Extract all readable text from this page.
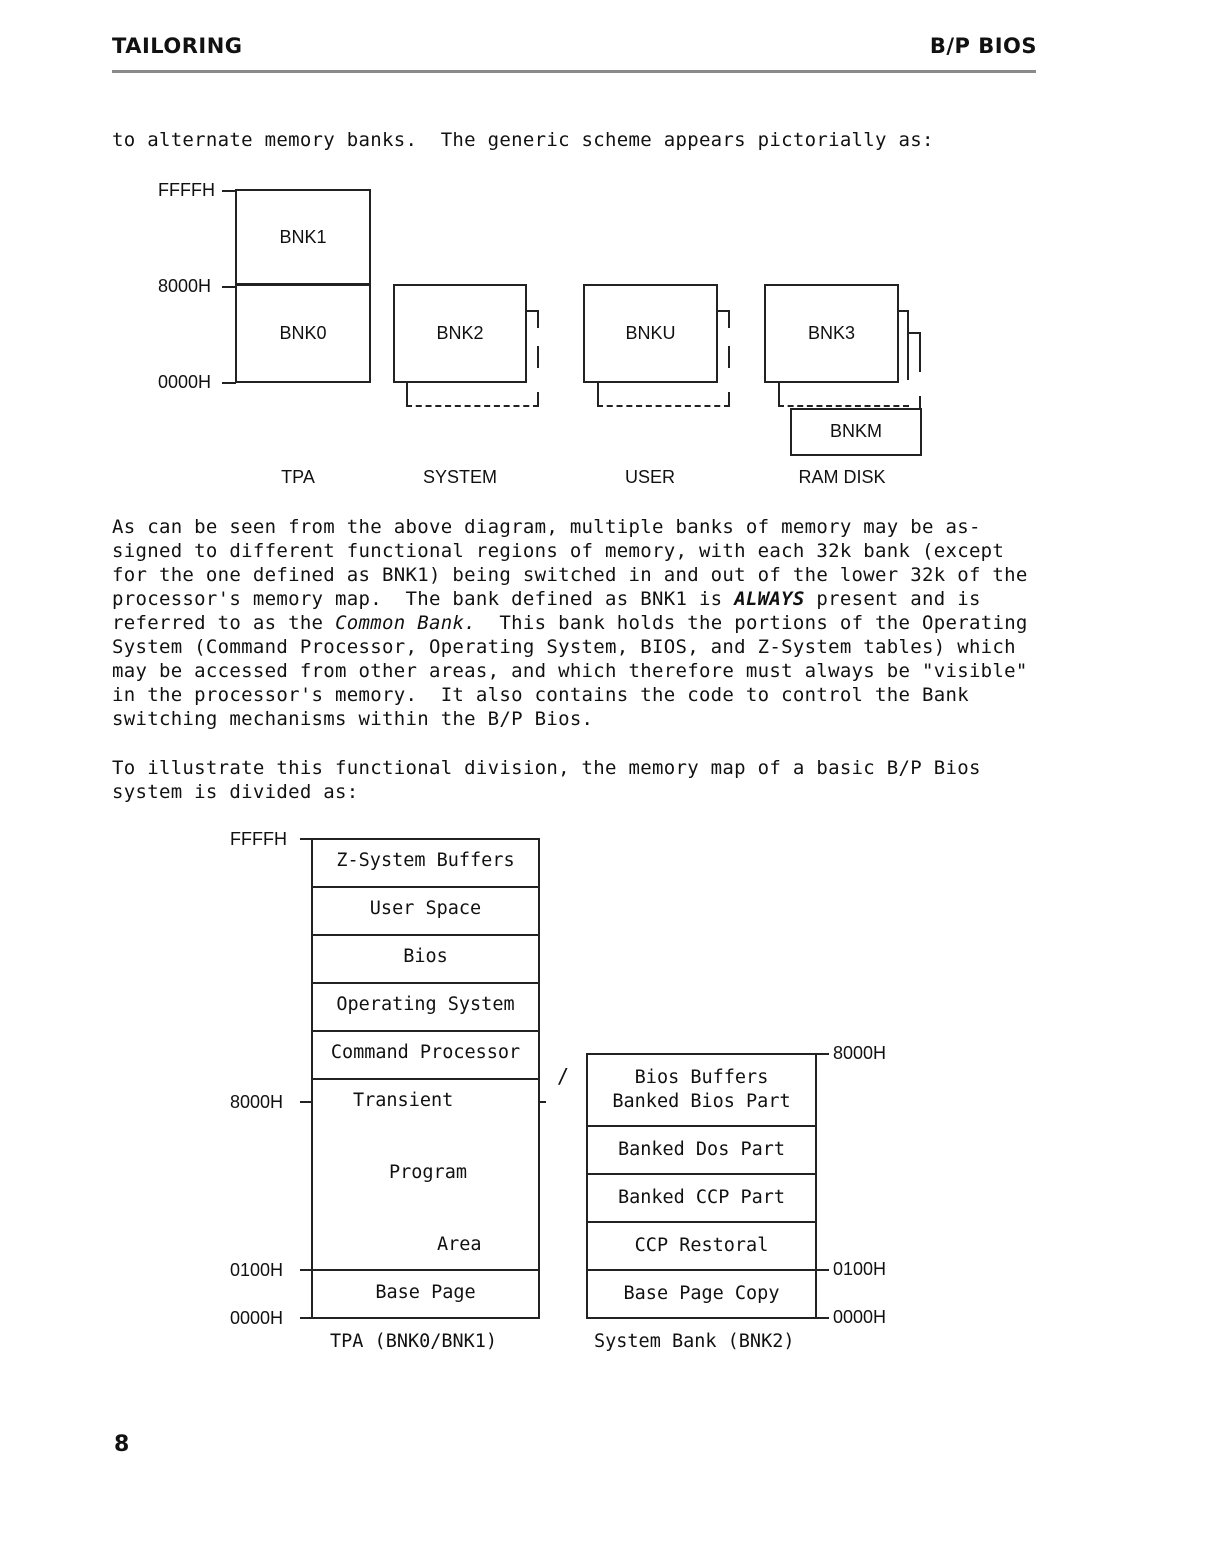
TAILORING	B/P BIOS
to alternate memory banks.  The generic scheme appears pictorially as:
FFFFH
8000H
0000H
BNK1
BNK0	BNK2	BNKU	BNK3
BNKM
TPA	SYSTEM	USER	RAM DISK
As can be seen from the above diagram, multiple banks of memory may be as-
signed to different functional regions of memory, with each 32k bank (except
for the one defined as BNK1) being switched in and out of the lower 32k of the
processor's memory map.  The bank defined as BNK1 is ALWAYS present and is
referred to as the Common Bank. This bank holds the portions of the Operating
System (Command Processor, Operating System, BIOS, and Z-System tables) which
may be accessed from other areas, and which therefore must always be "visible"
in the processor's memory.  It also contains the code to control the Bank
switching mechanisms within the B/P Bios.
To illustrate this functional division, the memory map of a basic B/P Bios
system is divided as:
FFFFH
8000H
0100H
0000H
Z-System Buffers
User Space
Bios
Operating System
Command Processor
Transient
Program
Area
Base Page
TPA (BNK0/BNK1)
/	Bios Buffers
Banked Bios Part
Banked Dos Part
Banked CCP Part
CCP Restoral
Base Page Copy
8000H
0100H
0000H
System Bank (BNK2)
8
